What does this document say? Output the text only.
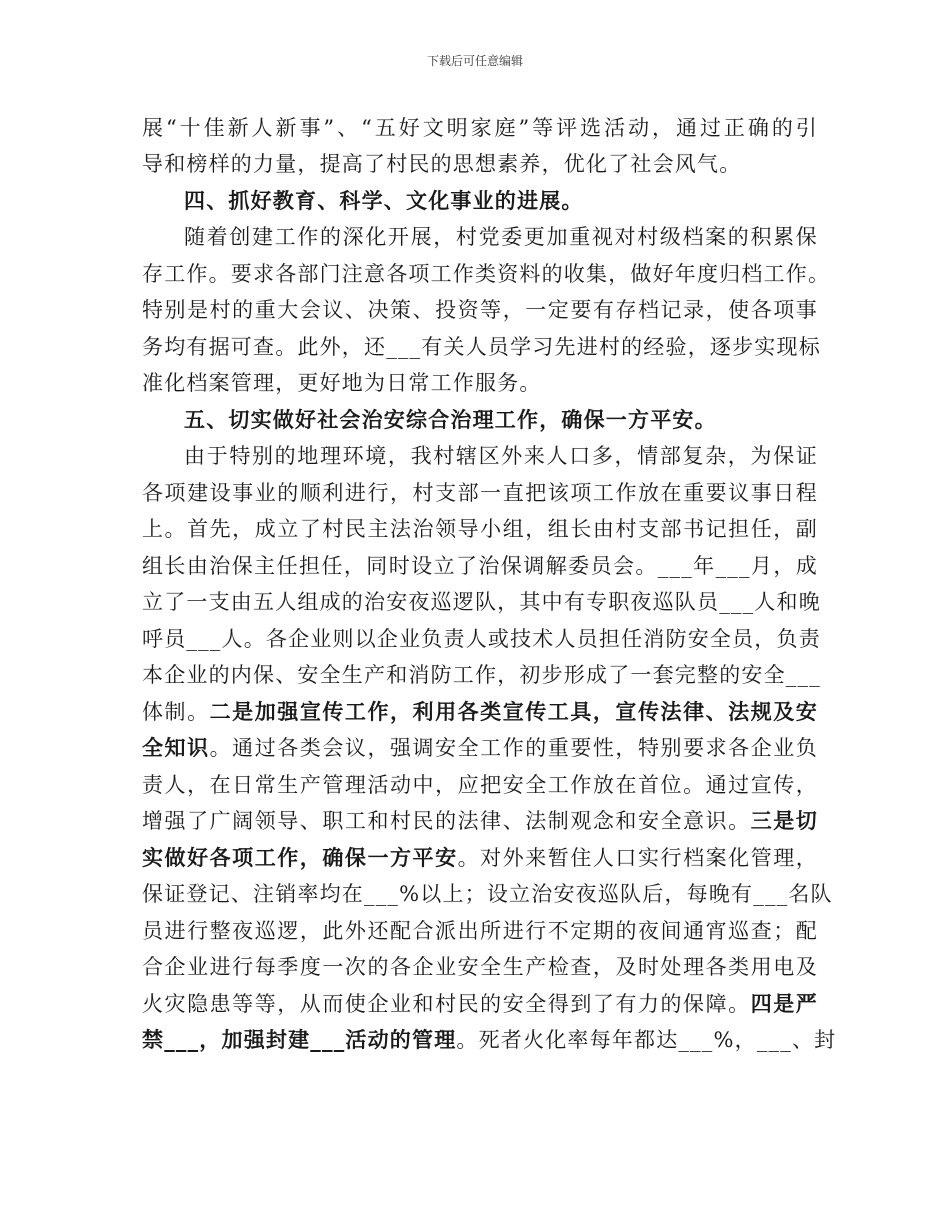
下载后可任意编辑
展“十佳新人新事”、“五好文明家庭”等评选活动，通过正确的引
导和榜样的力量，提高了村民的思想素养，优化了社会风气。
四、抓好教育、科学、文化事业的进展。
随着创建工作的深化开展，村党委更加重视对村级档案的积累保
存工作。要求各部门注意各项工作类资料的收集，做好年度归档工作。
特别是村的重大会议、决策、投资等，一定要有存档记录，使各项事
务均有据可查。此外，还___有关人员学习先进村的经验，逐步实现标
准化档案管理，更好地为日常工作服务。
五、切实做好社会治安综合治理工作，确保一方平安。
由于特别的地理环境，我村辖区外来人口多，情部复杂，为保证
各项建设事业的顺利进行，村支部一直把该项工作放在重要议事日程
上。首先，成立了村民主法治领导小组，组长由村支部书记担任，副
组长由治保主任担任，同时设立了治保调解委员会。___年___月，成
立了一支由五人组成的治安夜巡逻队，其中有专职夜巡队员___人和晚
呼员___人。各企业则以企业负责人或技术人员担任消防安全员，负责
本企业的内保、安全生产和消防工作，初步形成了一套完整的安全___
体制。二是加强宣传工作，利用各类宣传工具，宣传法律、法规及安
全知识。通过各类会议，强调安全工作的重要性，特别要求各企业负
责人，在日常生产管理活动中，应把安全工作放在首位。通过宣传，
增强了广阔领导、职工和村民的法律、法制观念和安全意识。三是切
实做好各项工作，确保一方平安。对外来暂住人口实行档案化管理，
保证登记、注销率均在___%以上；设立治安夜巡队后，每晚有___名队
员进行整夜巡逻，此外还配合派出所进行不定期的夜间通宵巡查；配
合企业进行每季度一次的各企业安全生产检查，及时处理各类用电及
火灾隐患等等，从而使企业和村民的安全得到了有力的保障。四是严
禁___，加强封建___活动的管理。死者火化率每年都达___%，___、封
